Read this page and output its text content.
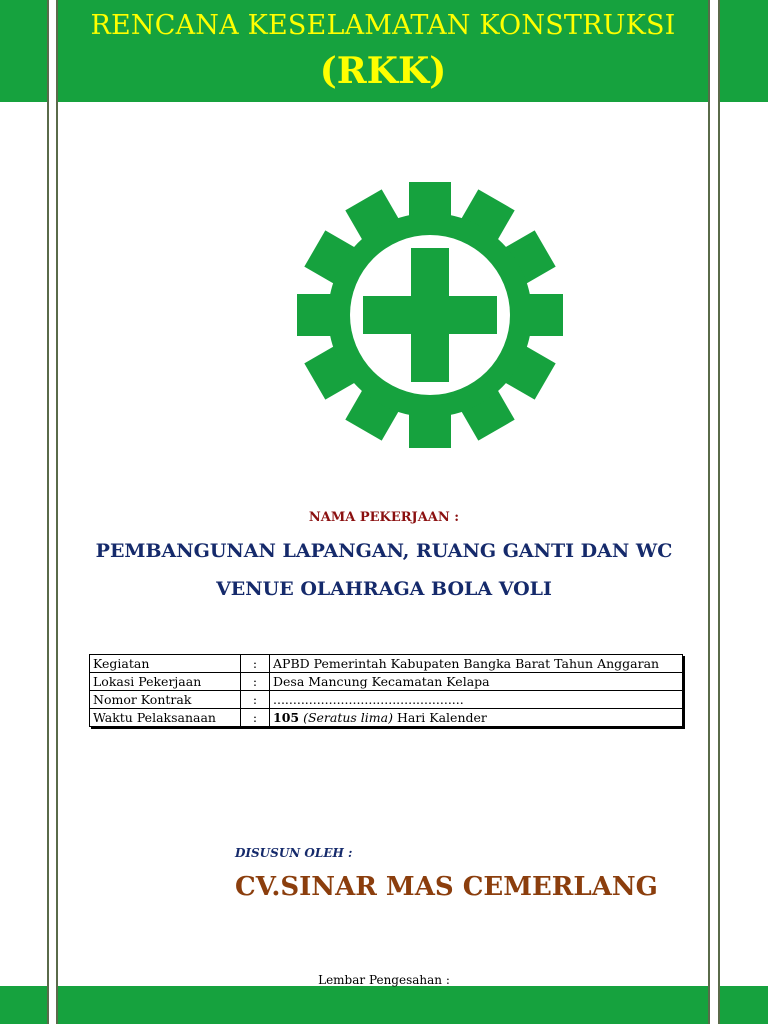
RENCANA KESELAMATAN KONSTRUKSI
(RKK)
NAMA PEKERJAAN :
PEMBANGUNAN LAPANGAN, RUANG GANTI DAN WC
VENUE OLAHRAGA BOLA VOLI
Kegiatan	:	APBD Pemerintah Kabupaten Bangka Barat Tahun Anggaran
Lokasi Pekerjaan	:	Desa Mancung Kecamatan Kelapa
Nomor Kontrak	:	................................................
Waktu Pelaksanaan	:	105 (Seratus lima) Hari Kalender
DISUSUN OLEH :
CV.SINAR MAS CEMERLANG
Lembar Pengesahan :
